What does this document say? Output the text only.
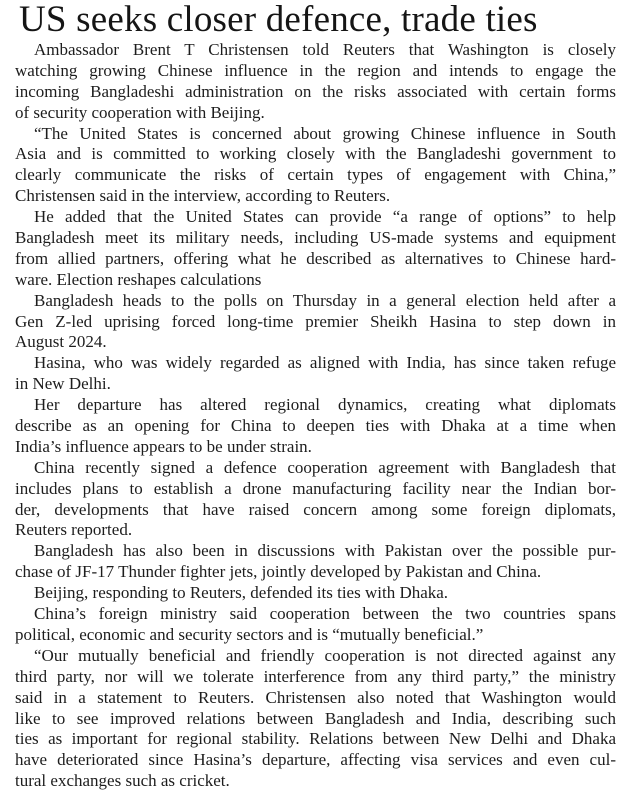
US seeks closer defence, trade ties
Ambassador Brent T Christensen told Reuters that Washington is closely
watching growing Chinese influence in the region and intends to engage the
incoming Bangladeshi administration on the risks associated with certain forms
of security cooperation with Beijing.
“The United States is concerned about growing Chinese influence in South
Asia and is committed to working closely with the Bangladeshi government to
clearly communicate the risks of certain types of engagement with China,”
Christensen said in the interview, according to Reuters.
He added that the United States can provide “a range of options” to help
Bangladesh meet its military needs, including US-made systems and equipment
from allied partners, offering what he described as alternatives to Chinese hard-
ware. Election reshapes calculations
Bangladesh heads to the polls on Thursday in a general election held after a
Gen Z-led uprising forced long-time premier Sheikh Hasina to step down in
August 2024.
Hasina, who was widely regarded as aligned with India, has since taken refuge
in New Delhi.
Her departure has altered regional dynamics, creating what diplomats
describe as an opening for China to deepen ties with Dhaka at a time when
India’s influence appears to be under strain.
China recently signed a defence cooperation agreement with Bangladesh that
includes plans to establish a drone manufacturing facility near the Indian bor-
der, developments that have raised concern among some foreign diplomats,
Reuters reported.
Bangladesh has also been in discussions with Pakistan over the possible pur-
chase of JF-17 Thunder fighter jets, jointly developed by Pakistan and China.
Beijing, responding to Reuters, defended its ties with Dhaka.
China’s foreign ministry said cooperation between the two countries spans
political, economic and security sectors and is “mutually beneficial.”
“Our mutually beneficial and friendly cooperation is not directed against any
third party, nor will we tolerate interference from any third party,” the ministry
said in a statement to Reuters. Christensen also noted that Washington would
like to see improved relations between Bangladesh and India, describing such
ties as important for regional stability. Relations between New Delhi and Dhaka
have deteriorated since Hasina’s departure, affecting visa services and even cul-
tural exchanges such as cricket.
